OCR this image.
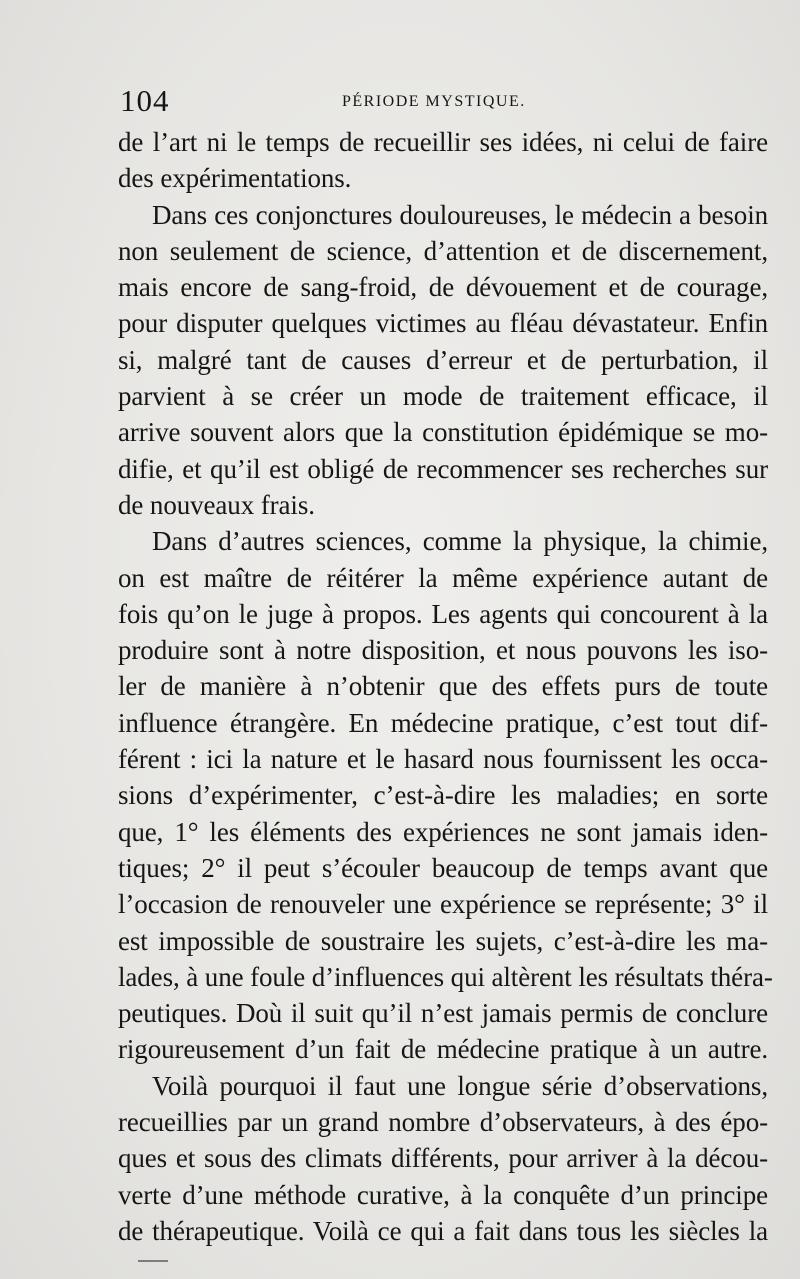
104	PÉRIODE MYSTIQUE.
de l’art ni le temps de recueillir ses idées, ni celui de faire
des expérimentations.
Dans ces conjonctures douloureuses, le médecin a besoin
non seulement de science, d’attention et de discernement,
mais encore de sang-froid, de dévouement et de courage,
pour disputer quelques victimes au fléau dévastateur. Enfin
si, malgré tant de causes d’erreur et de perturbation, il
parvient à se créer un mode de traitement efficace, il
arrive souvent alors que la constitution épidémique se mo-
difie, et qu’il est obligé de recommencer ses recherches sur
de nouveaux frais.
Dans d’autres sciences, comme la physique, la chimie,
on est maître de réitérer la même expérience autant de
fois qu’on le juge à propos. Les agents qui concourent à la
produire sont à notre disposition, et nous pouvons les iso-
ler de manière à n’obtenir que des effets purs de toute
influence étrangère. En médecine pratique, c’est tout dif-
férent : ici la nature et le hasard nous fournissent les occa-
sions d’expérimenter, c’est-à-dire les maladies; en sorte
que, 1° les éléments des expériences ne sont jamais iden-
tiques; 2° il peut s’écouler beaucoup de temps avant que
l’occasion de renouveler une expérience se représente; 3° il
est impossible de soustraire les sujets, c’est-à-dire les ma-
lades, à une foule d’influences qui altèrent les résultats théra-
peutiques. Doù il suit qu’il n’est jamais permis de conclure
rigoureusement d’un fait de médecine pratique à un autre.
Voilà pourquoi il faut une longue série d’observations,
recueillies par un grand nombre d’observateurs, à des épo-
ques et sous des climats différents, pour arriver à la décou-
verte d’une méthode curative, à la conquête d’un principe
de thérapeutique. Voilà ce qui a fait dans tous les siècles la
